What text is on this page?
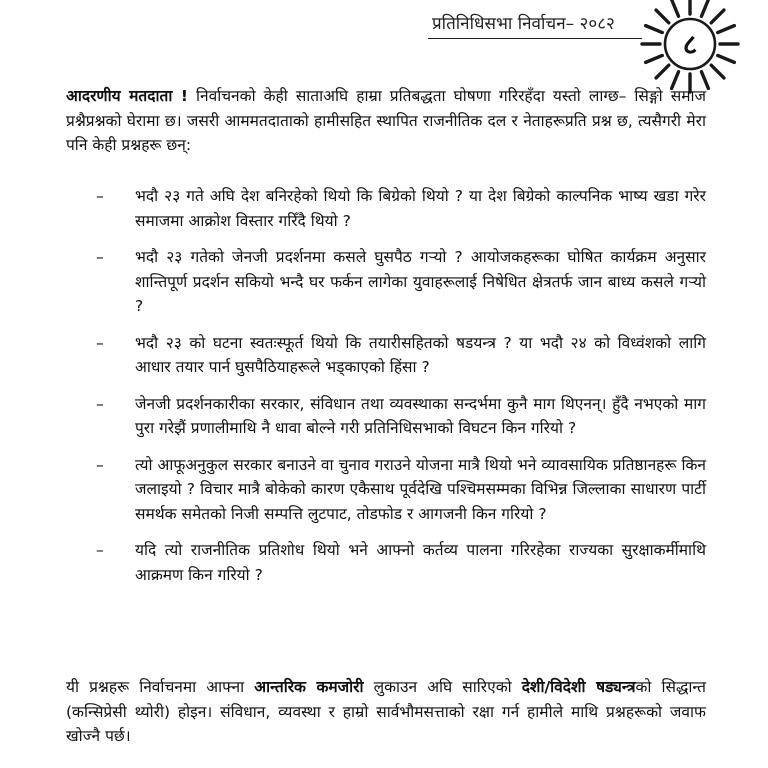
प्रतिनिधिसभा निर्वाचन– २०८२
८

आदरणीय मतदाता ! निर्वाचनको केही साताअघि हाम्रा प्रतिबद्धता घोषणा गरिरहँदा यस्तो लाग्छ– सिङ्गो समाज प्रश्नैप्रश्नको घेरामा छ। जसरी आममतदाताको हामीसहित स्थापित राजनीतिक दल र नेताहरूप्रति प्रश्न छ, त्यसैगरी मेरा पनि केही प्रश्नहरू छन्:

– भदौ २३ गते अघि देश बनिरहेको थियो कि बिग्रेको थियो ? या देश बिग्रेको काल्पनिक भाष्य खडा गरेर समाजमा आक्रोश विस्तार गरिँदै थियो ?
– भदौ २३ गतेको जेनजी प्रदर्शनमा कसले घुसपैठ गऱ्यो ? आयोजकहरूका घोषित कार्यक्रम अनुसार शान्तिपूर्ण प्रदर्शन सकियो भन्दै घर फर्कन लागेका युवाहरूलाई निषेधित क्षेत्रतर्फ जान बाध्य कसले गऱ्यो ?
– भदौ २३ को घटना स्वतःस्फूर्त थियो कि तयारीसहितको षडयन्त्र ? या भदौ २४ को विध्वंशको लागि आधार तयार पार्न घुसपैठियाहरूले भड्काएको हिंसा ?
– जेनजी प्रदर्शनकारीका सरकार, संविधान तथा व्यवस्थाका सन्दर्भमा कुनै माग थिएनन्। हुँदै नभएको माग पुरा गरेझैं प्रणालीमाथि नै धावा बोल्ने गरी प्रतिनिधिसभाको विघटन किन गरियो ?
– त्यो आफूअनुकुल सरकार बनाउने वा चुनाव गराउने योजना मात्रै थियो भने व्यावसायिक प्रतिष्ठानहरू किन जलाइयो ? विचार मात्रै बोकेको कारण एकैसाथ पूर्वदेखि पश्चिमसम्मका विभिन्न जिल्लाका साधारण पार्टी समर्थक समेतको निजी सम्पत्ति लुटपाट, तोडफोड र आगजनी किन गरियो ?
– यदि त्यो राजनीतिक प्रतिशोध थियो भने आफ्नो कर्तव्य पालना गरिरहेका राज्यका सुरक्षाकर्मीमाथि आक्रमण किन गरियो ?

यी प्रश्नहरू निर्वाचनमा आफ्ना आन्तरिक कमजोरी लुकाउन अघि सारिएको देशी/विदेशी षड्यन्त्रको सिद्धान्त (कन्सिप्रेसी थ्योरी) होइन। संविधान, व्यवस्था र हाम्रो सार्वभौमसत्ताको रक्षा गर्न हामीले माथि प्रश्नहरूको जवाफ खोज्नै पर्छ।
